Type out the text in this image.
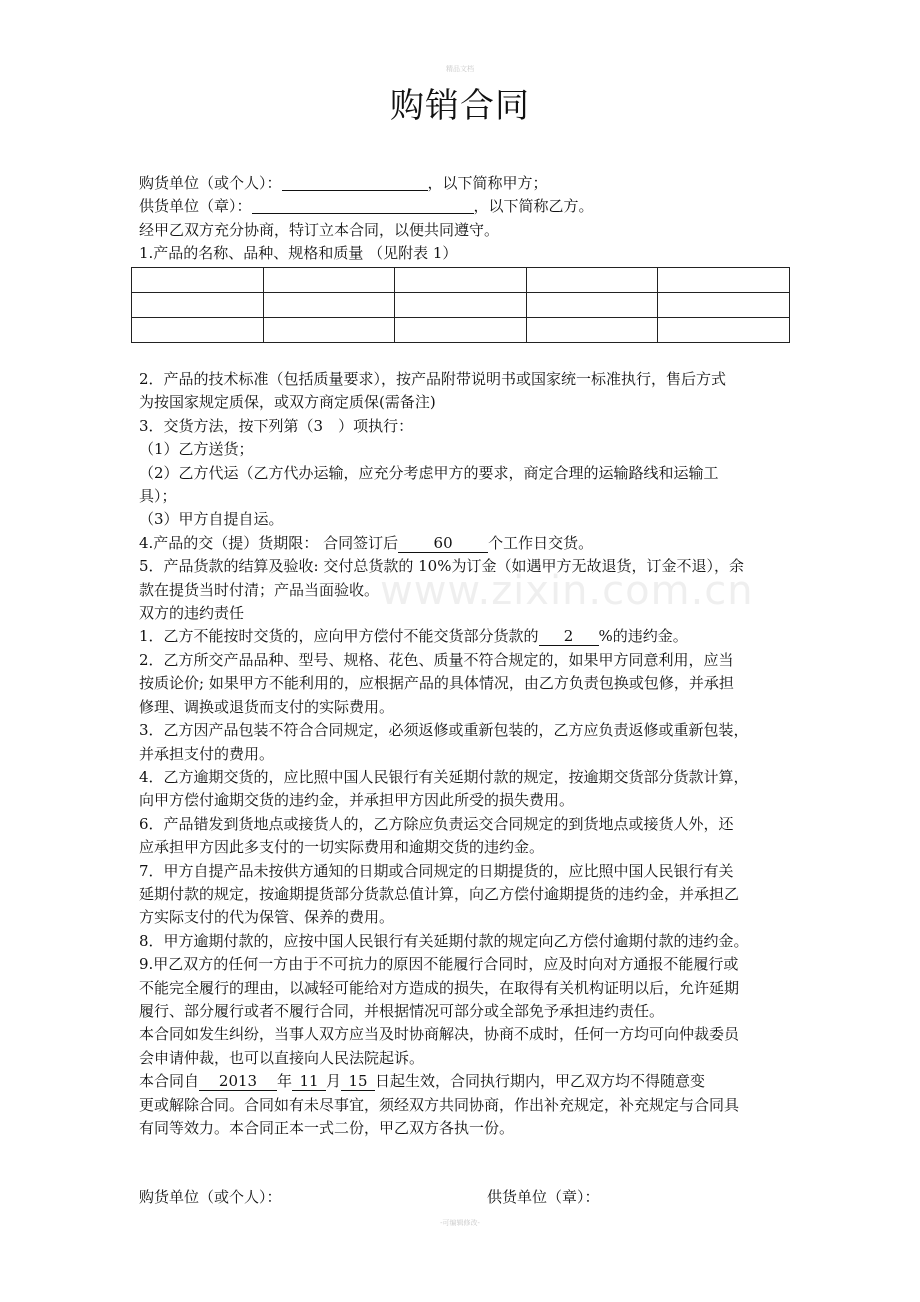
精品文档
购销合同
www.zixin.com.cn
购货单位（或个人）：	，以下简称甲方；
供货单位（章）：	，以下简称乙方。
经甲乙双方充分协商，特订立本合同，以便共同遵守。
1.产品的名称、品种、规格和质量 （见附表 1）

2．产品的技术标准（包括质量要求），按产品附带说明书或国家统一标准执行，售后方式
为按国家规定质保，或双方商定质保(需备注)
3．交货方法，按下列第（3　）项执行：
（1）乙方送货；
（2）乙方代运（乙方代办运输，应充分考虑甲方的要求，商定合理的运输路线和运输工
具）；
（3）甲方自提自运。
4.产品的交（提）货期限： 合同签订后 60 个工作日交货。
5．产品货款的结算及验收: 交付总货款的 10%为订金（如遇甲方无故退货，订金不退），余
款在提货当时付清；产品当面验收。
双方的违约责任
1．乙方不能按时交货的，应向甲方偿付不能交货部分货款的 2 %的违约金。
2．乙方所交产品品种、型号、规格、花色、质量不符合规定的，如果甲方同意利用，应当
按质论价; 如果甲方不能利用的，应根据产品的具体情况，由乙方负责包换或包修，并承担
修理、调换或退货而支付的实际费用。
3．乙方因产品包装不符合合同规定，必须返修或重新包装的，乙方应负责返修或重新包装，
并承担支付的费用。
4．乙方逾期交货的，应比照中国人民银行有关延期付款的规定，按逾期交货部分货款计算，
向甲方偿付逾期交货的违约金，并承担甲方因此所受的损失费用。
6．产品错发到货地点或接货人的，乙方除应负责运交合同规定的到货地点或接货人外，还
应承担甲方因此多支付的一切实际费用和逾期交货的违约金。
7．甲方自提产品未按供方通知的日期或合同规定的日期提货的，应比照中国人民银行有关
延期付款的规定，按逾期提货部分货款总值计算，向乙方偿付逾期提货的违约金，并承担乙
方实际支付的代为保管、保养的费用。
8．甲方逾期付款的，应按中国人民银行有关延期付款的规定向乙方偿付逾期付款的违约金。
9.甲乙双方的任何一方由于不可抗力的原因不能履行合同时，应及时向对方通报不能履行或
不能完全履行的理由，以减轻可能给对方造成的损失，在取得有关机构证明以后，允许延期
履行、部分履行或者不履行合同，并根据情况可部分或全部免予承担违约责任。
本合同如发生纠纷，当事人双方应当及时协商解决，协商不成时，任何一方均可向仲裁委员
会申请仲裁，也可以直接向人民法院起诉。
本合同自 2013 年 11 月 15 日起生效，合同执行期内，甲乙双方均不得随意变
更或解除合同。合同如有未尽事宜，须经双方共同协商，作出补充规定，补充规定与合同具
有同等效力。本合同正本一式二份，甲乙双方各执一份。
购货单位（或个人）：	供货单位（章）：
-可编辑修改-
